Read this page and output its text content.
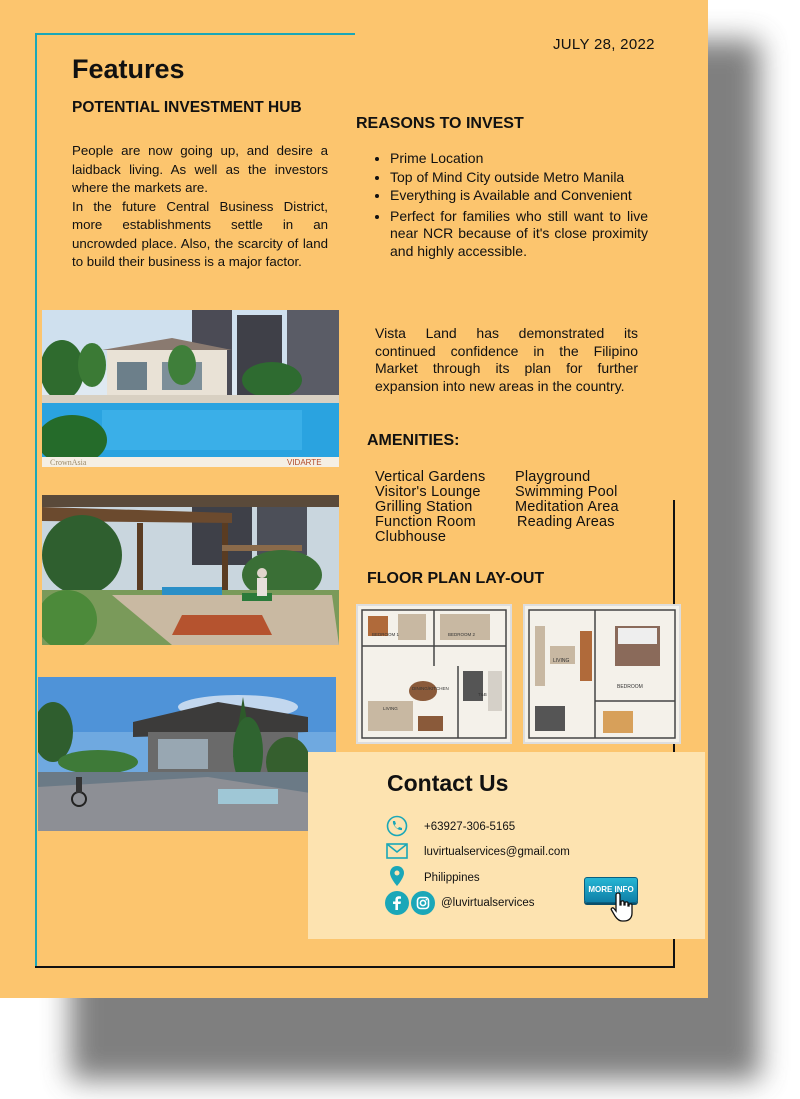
JULY 28, 2022
Features
POTENTIAL INVESTMENT HUB

People are now going up, and desire a laidback living. As well as the investors where the markets are.

In the future Central Business District, more establishments settle in an uncrowded place. Also, the scarcity of land to build their business is a major factor.

CrownAsia	VIDARTE
REASONS TO INVEST
• Prime Location
• Top of Mind City outside Metro Manila
• Everything is Available and Convenient
• Perfect for families who still want to live near NCR because of it's close proximity and highly accessible.

Vista Land has demonstrated its continued confidence in the Filipino Market through its plan for further expansion into new areas in the country.

AMENITIES:
Vertical Gardens
Visitor's Lounge
Grilling Station
Function Room
Clubhouse
Playground
Swimming Pool
Meditation Area
Reading Areas
FLOOR PLAN LAY-OUT
BEDROOM 1	BEDROOM 2
DINING/KITCHEN
T&B
LIVING
LIVING
BEDROOM
Contact Us
+63927-306-5165
luvirtualservices@gmail.com
Philippines
@luvirtualservices
MORE INFO
